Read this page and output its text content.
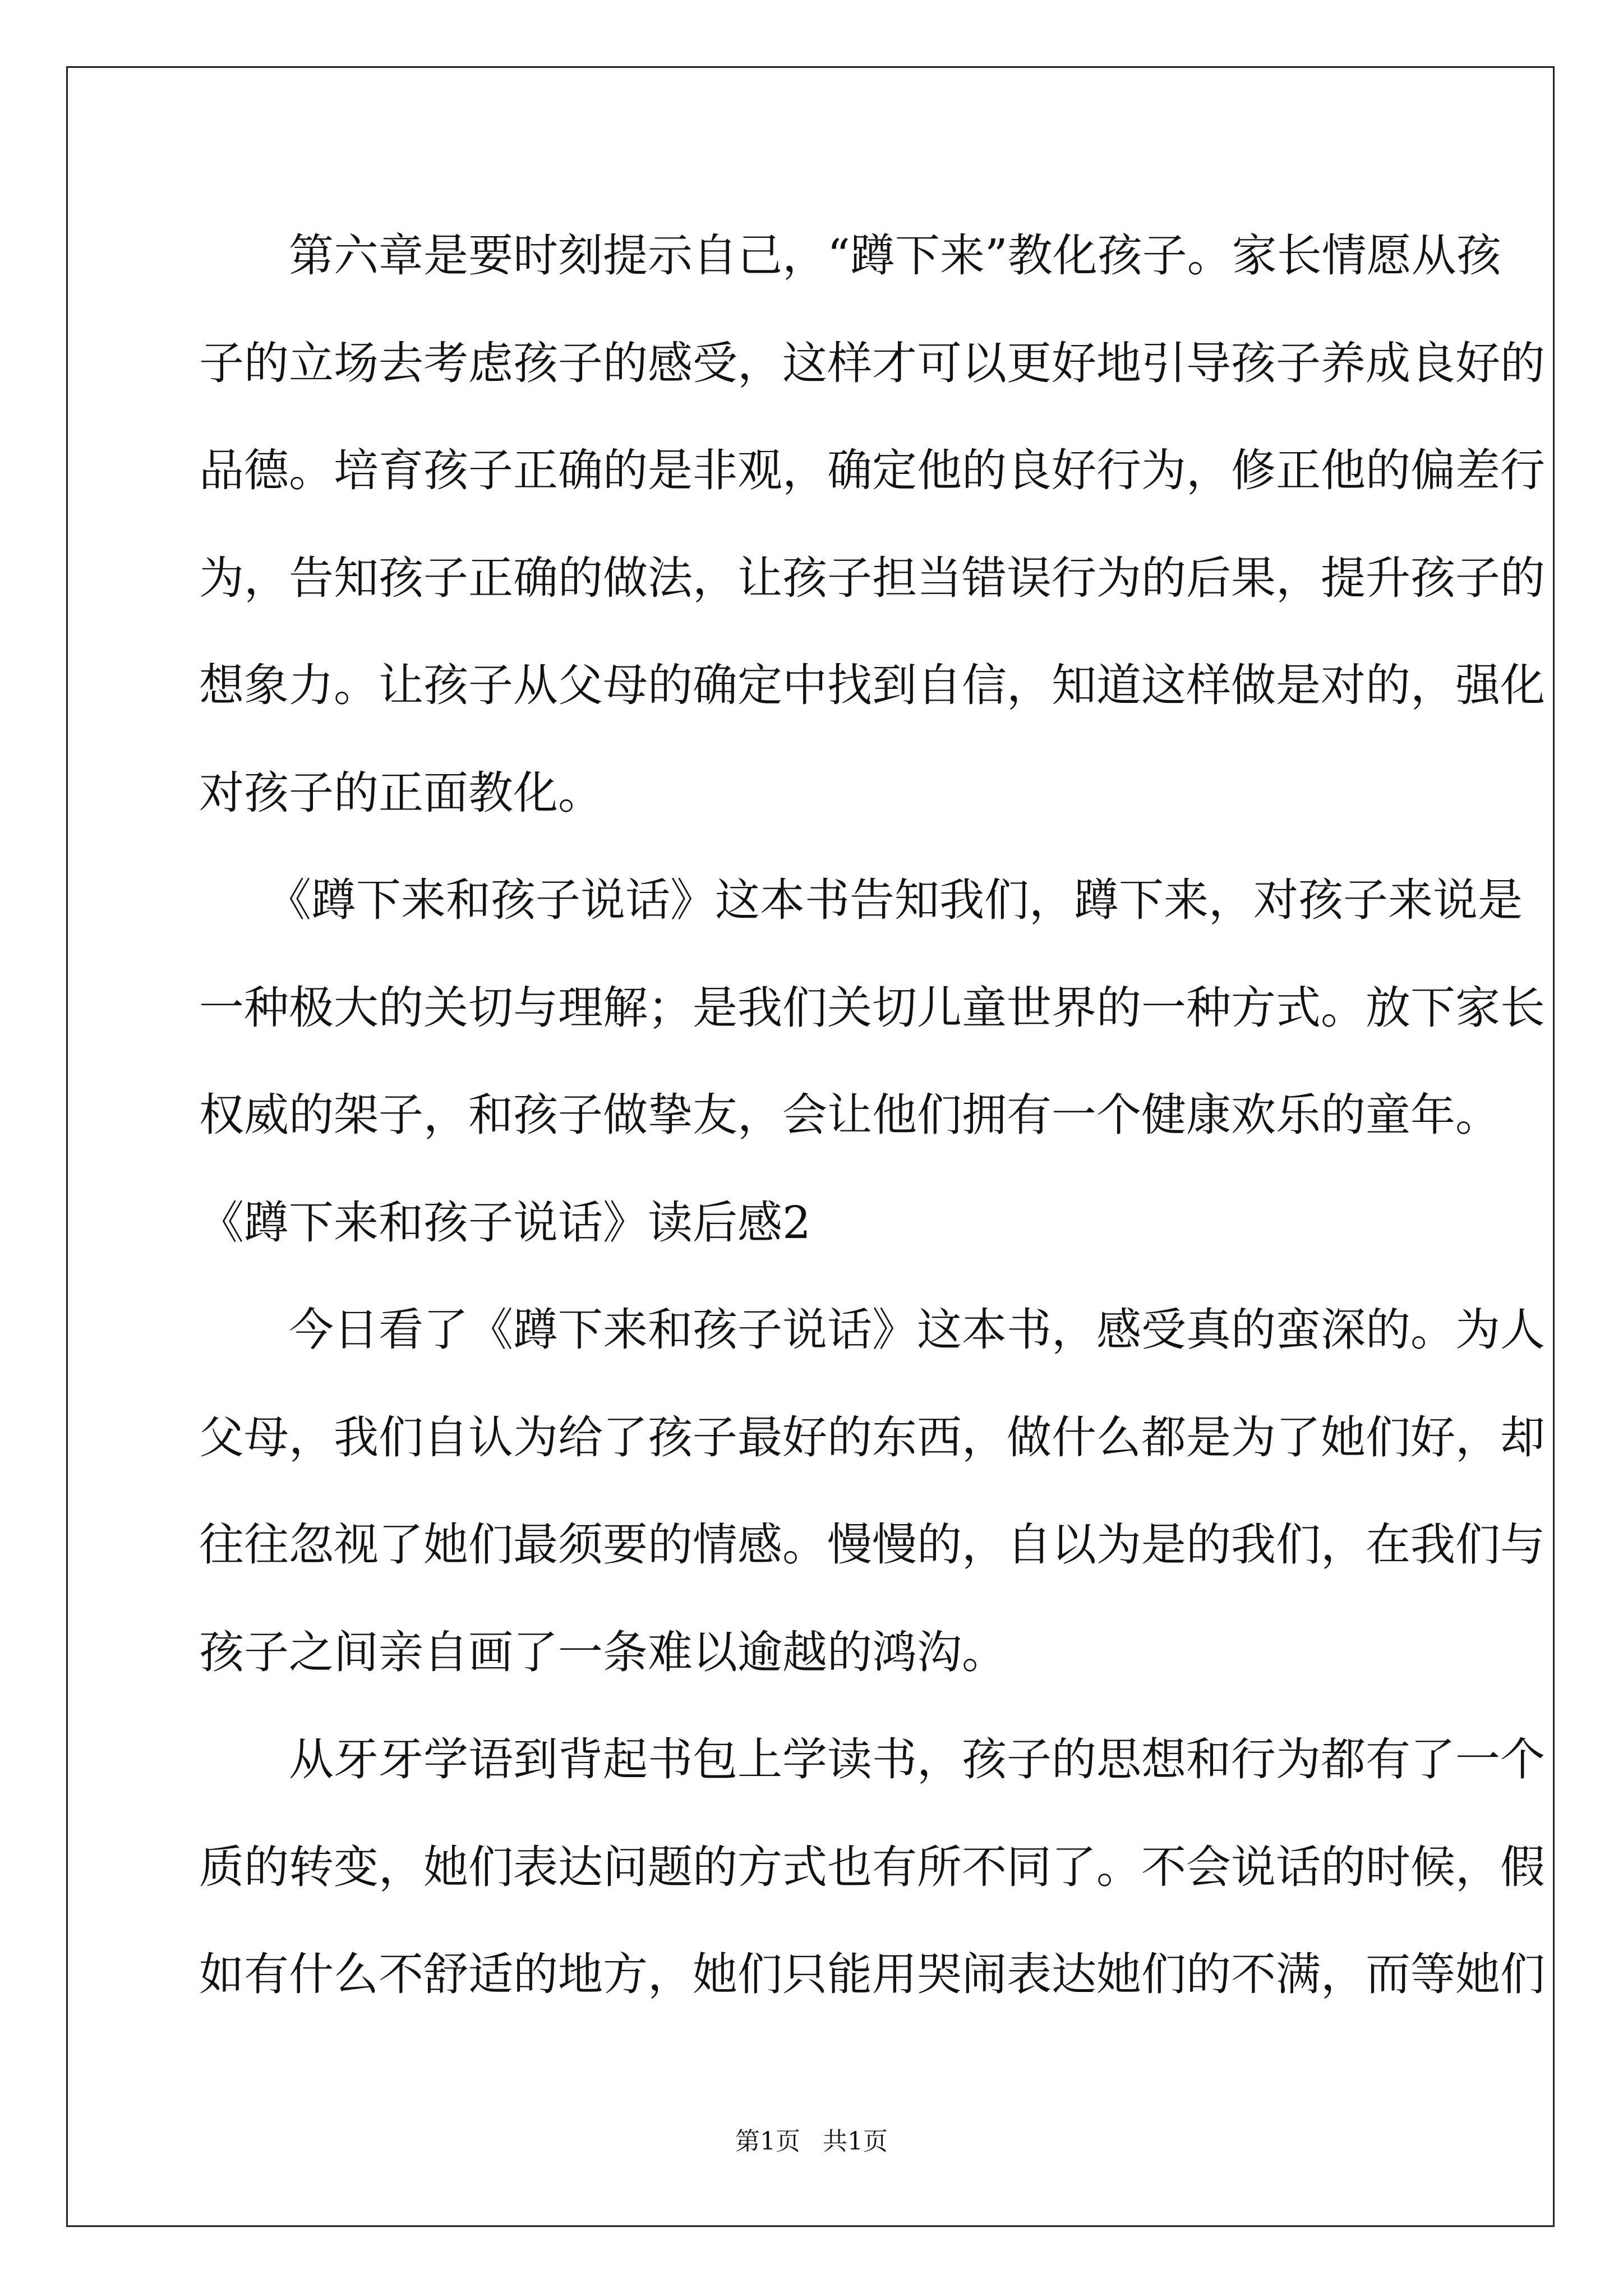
　　第六章是要时刻提示自己，“蹲下来”教化孩子。家长情愿从孩
子的立场去考虑孩子的感受，这样才可以更好地引导孩子养成良好的
品德。培育孩子正确的是非观，确定他的良好行为，修正他的偏差行
为，告知孩子正确的做法，让孩子担当错误行为的后果，提升孩子的
想象力。让孩子从父母的确定中找到自信，知道这样做是对的，强化
对孩子的正面教化。
　　《蹲下来和孩子说话》这本书告知我们，蹲下来，对孩子来说是
一种极大的关切与理解；是我们关切儿童世界的一种方式。放下家长
权威的架子，和孩子做挚友，会让他们拥有一个健康欢乐的童年。
《蹲下来和孩子说话》读后感2
　　今日看了《蹲下来和孩子说话》这本书，感受真的蛮深的。为人
父母，我们自认为给了孩子最好的东西，做什么都是为了她们好，却
往往忽视了她们最须要的情感。慢慢的，自以为是的我们，在我们与
孩子之间亲自画了一条难以逾越的鸿沟。
　　从牙牙学语到背起书包上学读书，孩子的思想和行为都有了一个
质的转变，她们表达问题的方式也有所不同了。不会说话的时候，假
如有什么不舒适的地方，她们只能用哭闹表达她们的不满，而等她们
第1页 共1页
